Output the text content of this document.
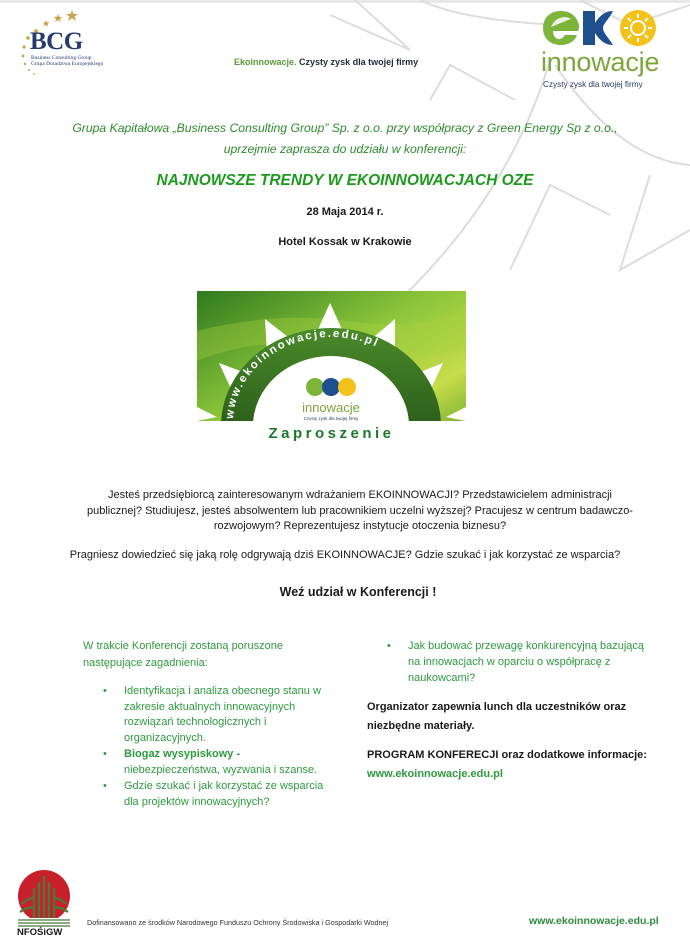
BCG
Business Consulting Group
Grupa Doradztwa Europejskiego	Ekoinnowacje. Czysty zysk dla twojej firmy	innowacje
Czysty zysk dla twojej firmy
Grupa Kapitałowa „Business Consulting Group” Sp. z o.o. przy współpracy z Green Energy Sp z o.o.,
uprzejmie zaprasza do udziału w konferencji:
NAJNOWSZE TRENDY W EKOINNOWACJACH OZE
28 Maja 2014 r.
Hotel Kossak w Krakowie
www.ekoinnowacje.edu.pl
innowacje
Czysty zysk dla twojej firmy
Zaproszenie
Jesteś przedsiębiorcą zainteresowanym wdrażaniem EKOINNOWACJI? Przedstawicielem administracji publicznej? Studiujesz, jesteś absolwentem lub pracownikiem uczelni wyższej? Pracujesz w centrum badawczo-rozwojowym? Reprezentujesz instytucje otoczenia biznesu?
Pragniesz dowiedzieć się jaką rolę odgrywają dziś EKOINNOWACJE? Gdzie szukać i jak korzystać ze wsparcia?
Weź udział w Konferencji !
W trakcie Konferencji zostaną poruszone następujące zagadnienia:
• Identyfikacja i analiza obecnego stanu w zakresie aktualnych innowacyjnych rozwiązań technologicznych i organizacyjnych.
• Biogaz wysypiskowy - niebezpieczeństwa, wyzwania i szanse.
• Gdzie szukać i jak korzystać ze wsparcia dla projektów innowacyjnych?
• Jak budować przewagę konkurencyjną bazującą na innowacjach w oparciu o współpracę z naukowcami?
Organizator zapewnia lunch dla uczestników oraz niezbędne materiały.
PROGRAM KONFERECJI oraz dodatkowe informacje: www.ekoinnowacje.edu.pl
NFOŚiGW
Dofinansowano ze środków Narodowego Funduszu Ochrony Środowiska i Gospodarki Wodnej	www.ekoinnowacje.edu.pl
